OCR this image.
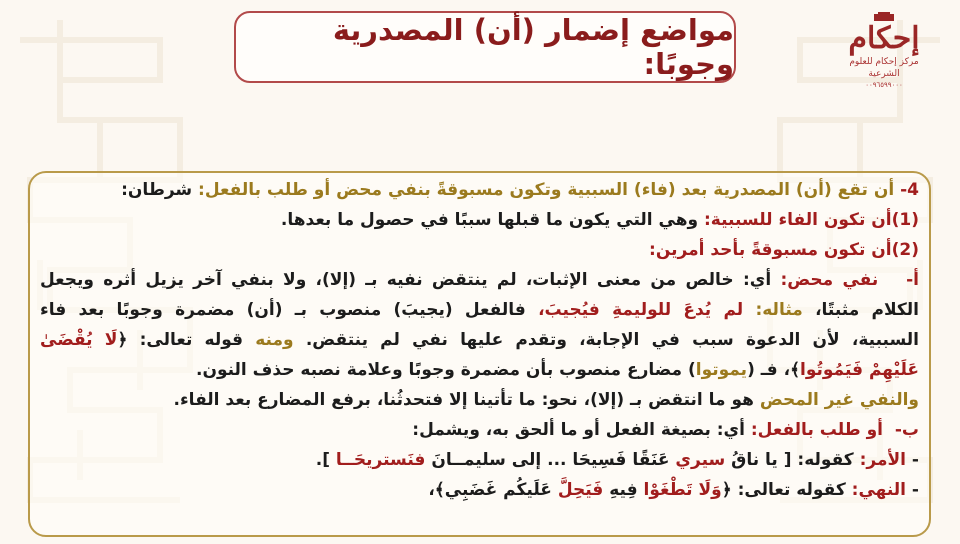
مواضع إضمار (أن) المصدرية وجوبًا:
إحكام
مركز إحكام للعلوم الشرعية
٠٠٩٦٥٩٩٠٠٠
4- أن تقع (أن) المصدرية بعد (فاء) السببية وتكون مسبوقةً بنفي محض أو طلب بالفعل: شرطان:
(1)أن تكون الفاء للسببية: وهي التي يكون ما قبلها سببًا في حصول ما بعدها.
(2)أن تكون مسبوقةً بأحد أمرين:
أ-   نفي محض: أي: خالص من معنى الإثبات، لم ينتقض نفيه بـ (إلا)، ولا بنفي آخر يزيل أثره ويجعل
الكلام مثبتًا، مثاله: لم يُدعَ للوليمةِ فيُجيبَ، فالفعل (يجيبَ) منصوب بـ (أن) مضمرة وجوبًا بعد فاء
السببية، لأن الدعوة سبب في الإجابة، وتقدم عليها نفي لم ينتقض. ومنه قوله تعالى: ﴿لَا يُقْضَىٰ
عَلَيْهِمْ فَيَمُوتُوا﴾، فـ (يموتوا) مضارع منصوب بأن مضمرة وجوبًا وعلامة نصبه حذف النون.
والنفي غير المحض هو ما انتقض بـ (إلا)، نحو: ما تأتينا إلا فتحدثُنا، برفع المضارع بعد الفاء.
ب-  أو طلب بالفعل: أي: بصيغة الفعل أو ما ألحق به، ويشمل:
- الأمر: كقوله: [ يا ناقُ سيري عَنَقًا فَسِيحَا ... إلى سليمــانَ فنَستريحَــا ].
- النهي: كقوله تعالى: ﴿وَلَا تَطْغَوْا فِيهِ فَيَحِلَّ عَلَيكُم غَضَبِي﴾،
